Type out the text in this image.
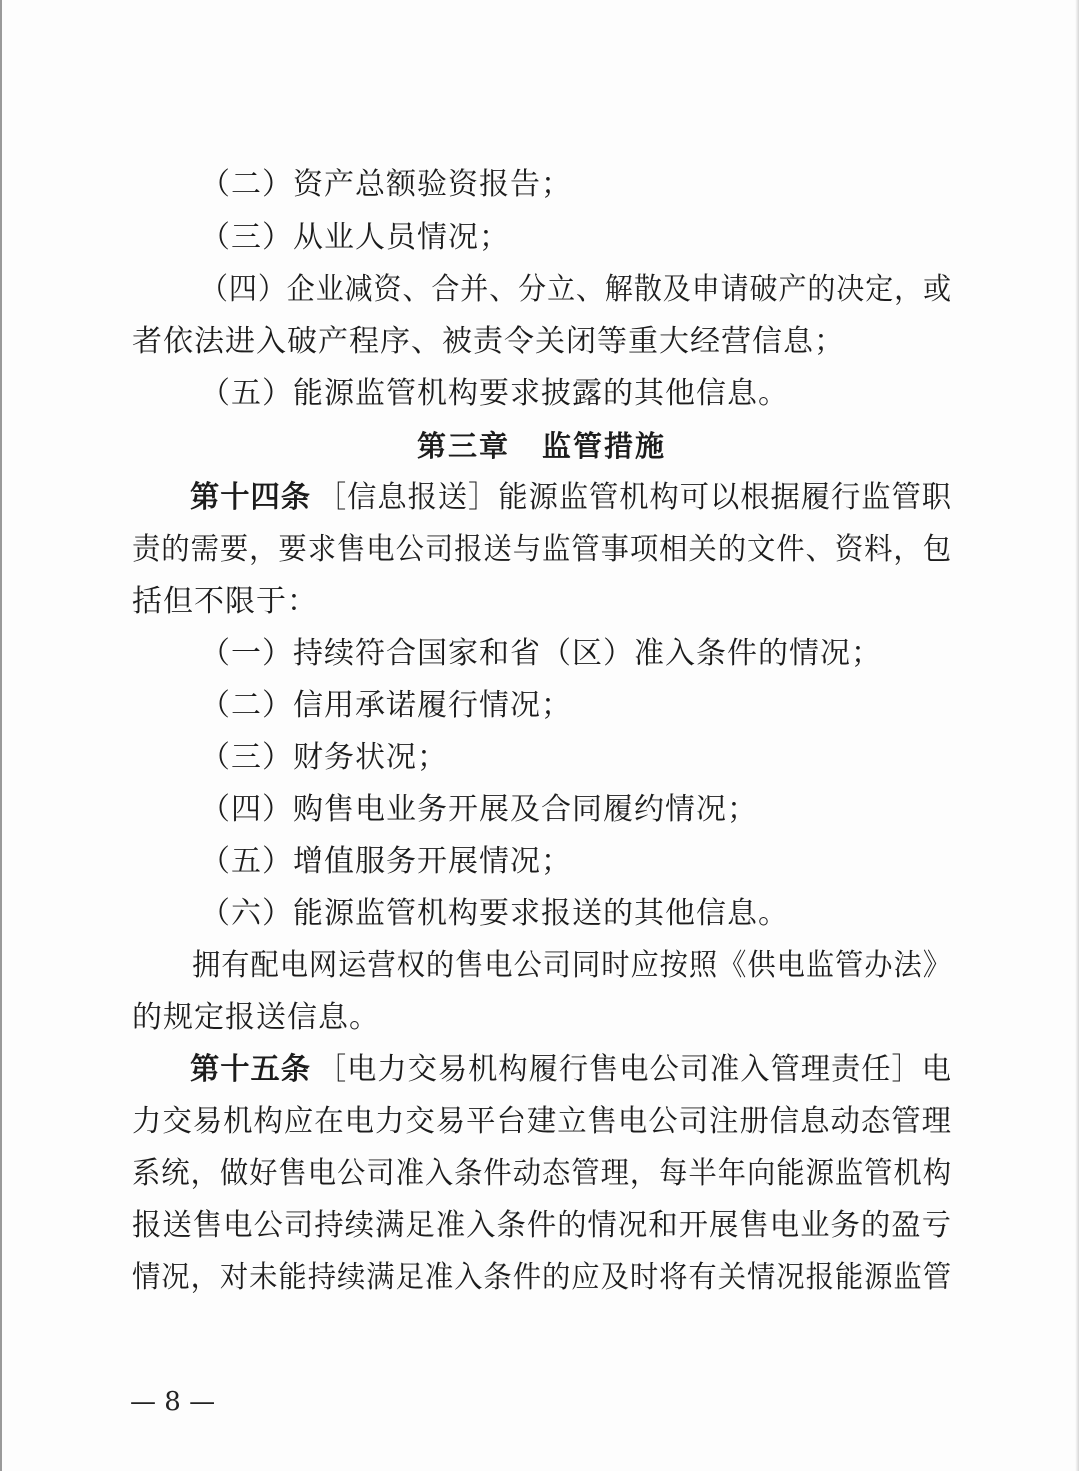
（二）资产总额验资报告；
（三）从业人员情况；
（四）企业减资、合并、分立、解散及申请破产的决定，或
者依法进入破产程序、被责令关闭等重大经营信息；
（五）能源监管机构要求披露的其他信息。
第三章 监管措施
第十四条 ［信息报送］能源监管机构可以根据履行监管职
责的需要，要求售电公司报送与监管事项相关的文件、资料，包
括但不限于：
（一）持续符合国家和省（区）准入条件的情况；
（二）信用承诺履行情况；
（三）财务状况；
（四）购售电业务开展及合同履约情况；
（五）增值服务开展情况；
（六）能源监管机构要求报送的其他信息。
拥有配电网运营权的售电公司同时应按照《供电监管办法》
的规定报送信息。
第十五条 ［电力交易机构履行售电公司准入管理责任］电
力交易机构应在电力交易平台建立售电公司注册信息动态管理
系统，做好售电公司准入条件动态管理，每半年向能源监管机构
报送售电公司持续满足准入条件的情况和开展售电业务的盈亏
情况，对未能持续满足准入条件的应及时将有关情况报能源监管
— 8 —
